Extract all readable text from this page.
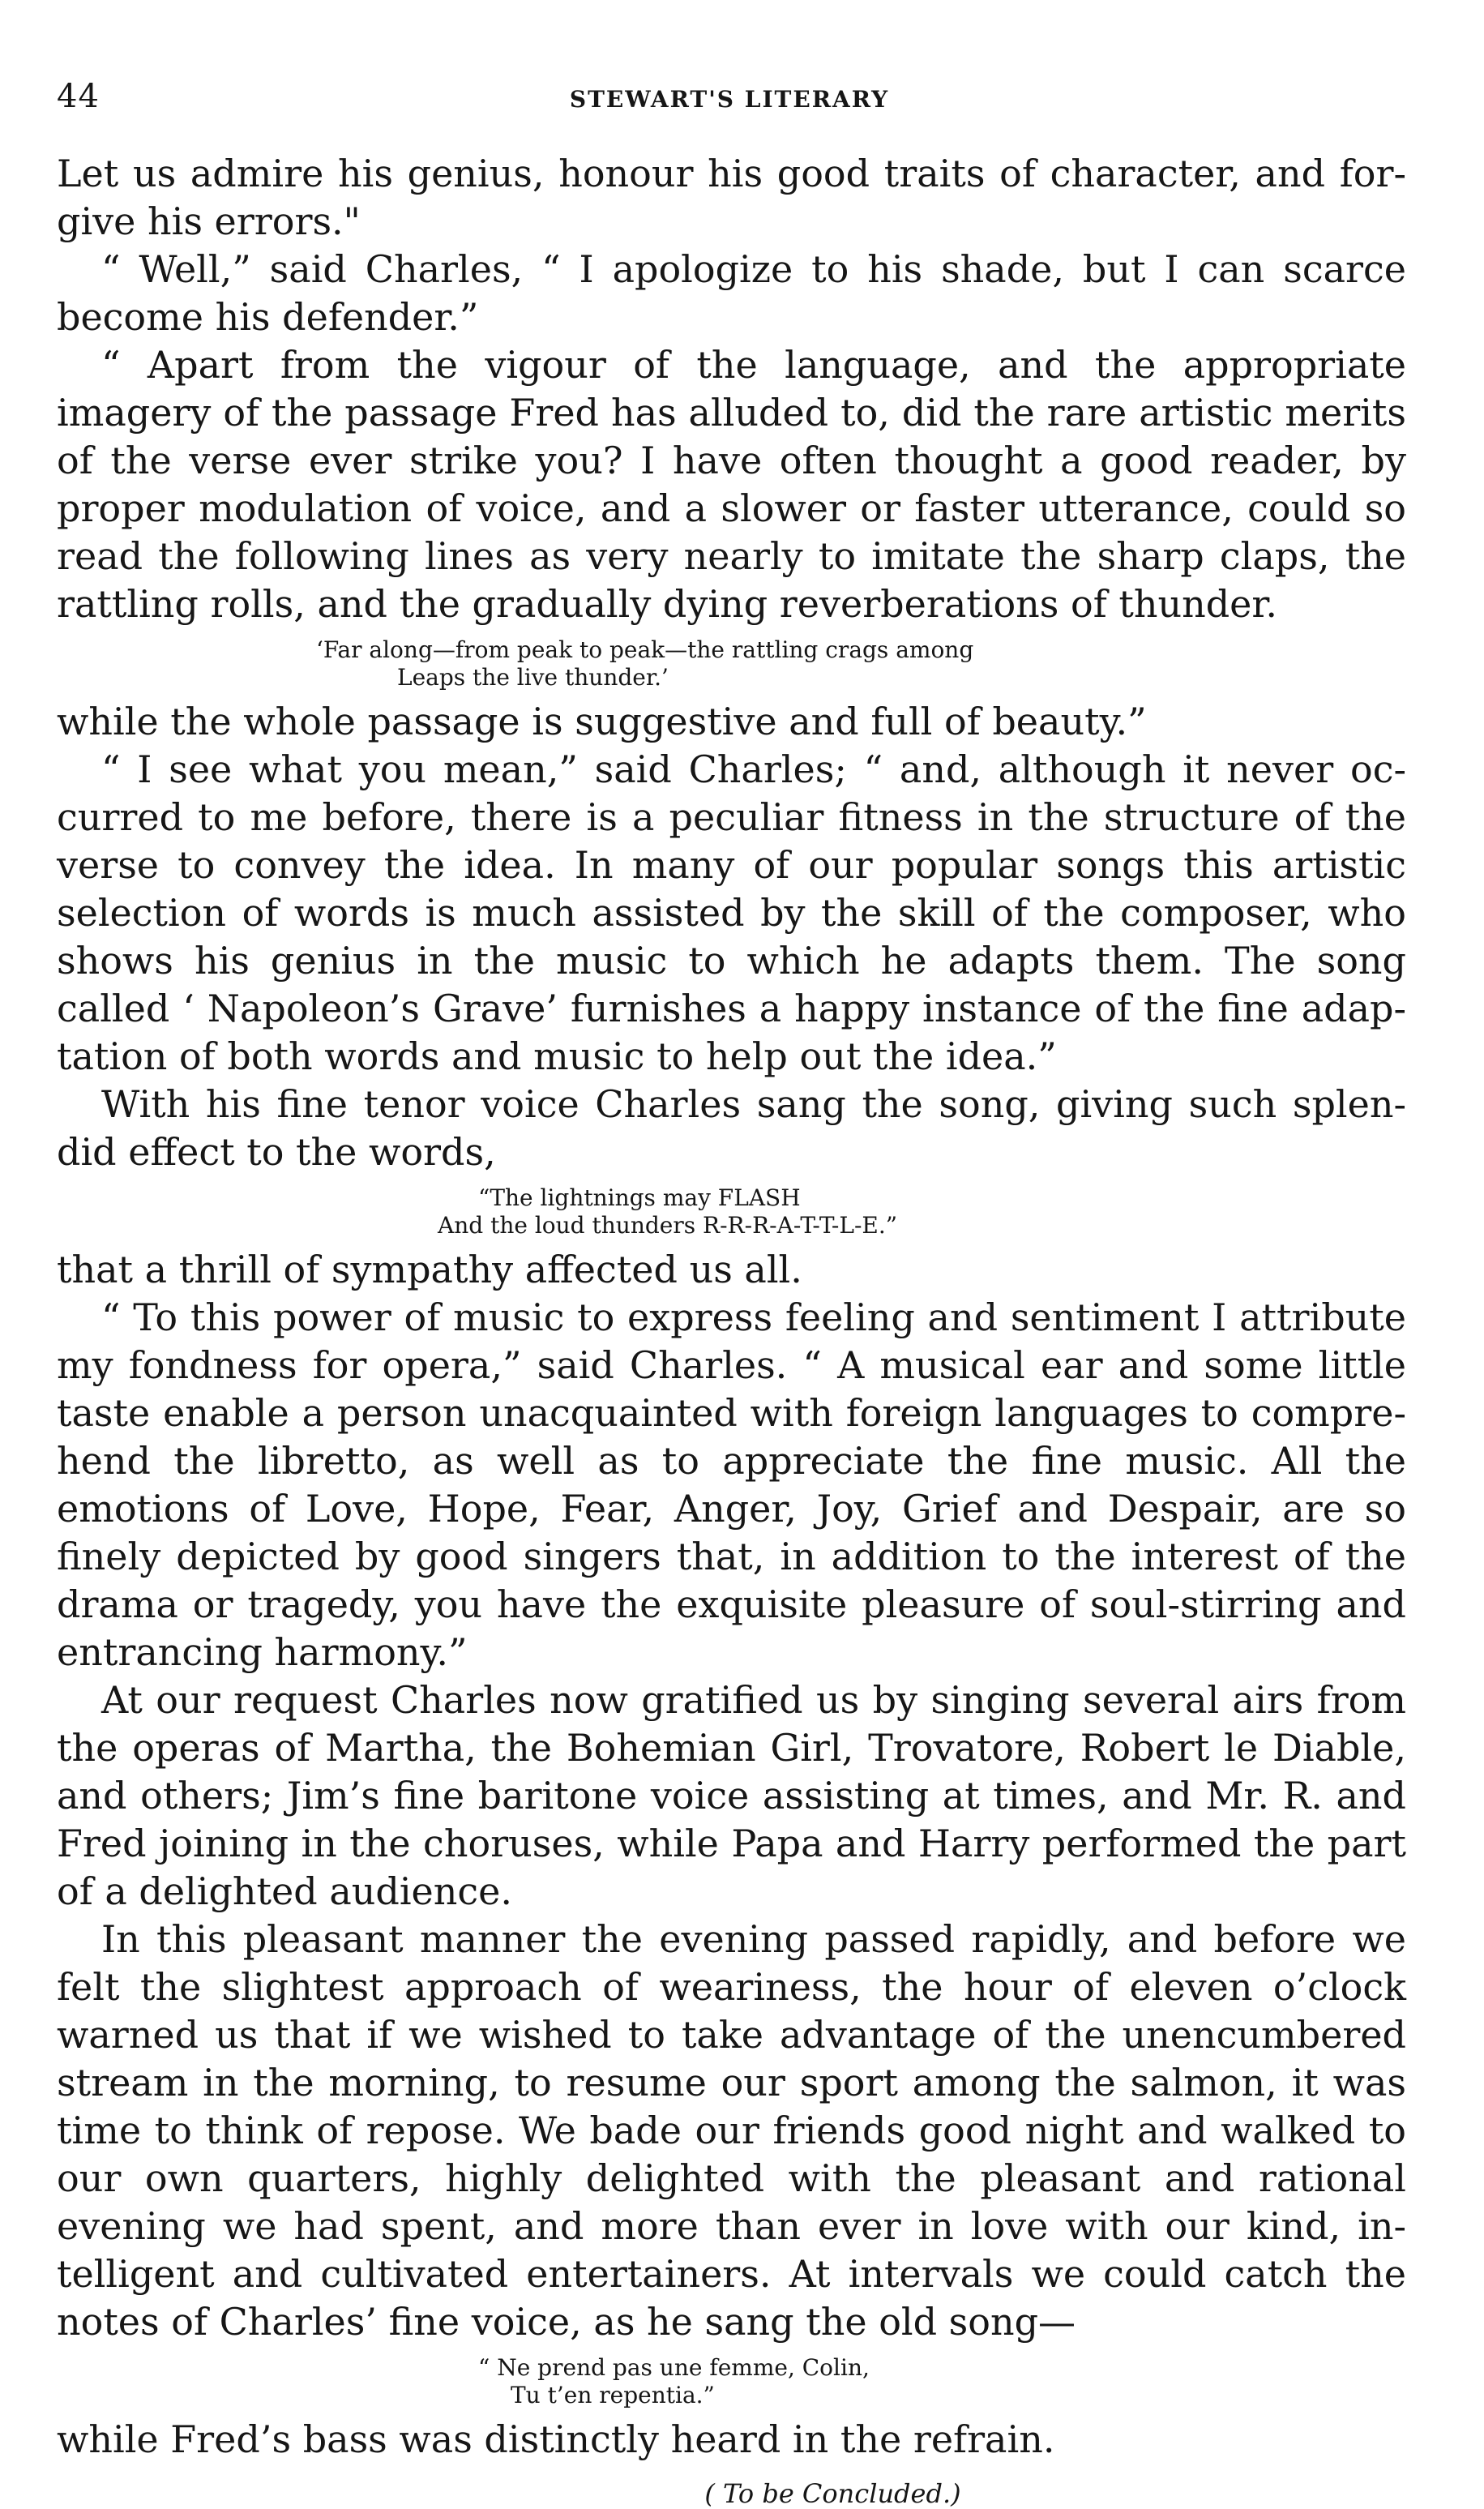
44	STEWART'S LITERARY

Let us admire his genius, honour his good traits of character, and for-give his errors."

“ Well,” said Charles, “ I apologize to his shade, but I can scarce become his defender.”

“ Apart from the vigour of the language, and the appropriate imagery of the passage Fred has alluded to, did the rare artistic merits of the verse ever strike you? I have often thought a good reader, by proper modulation of voice, and a slower or faster utterance, could so read the following lines as very nearly to imitate the sharp claps, the rattling rolls, and the gradually dying reverberations of thunder.

‘Far along—from peak to peak—the rattling crags among
Leaps the live thunder.’

while the whole passage is suggestive and full of beauty.”

“ I see what you mean,” said Charles; “ and, although it never oc-curred to me before, there is a peculiar fitness in the structure of the verse to convey the idea. In many of our popular songs this artistic selection of words is much assisted by the skill of the composer, who shows his genius in the music to which he adapts them. The song called ‘ Napoleon’s Grave’ furnishes a happy instance of the fine adap-tation of both words and music to help out the idea.”

With his fine tenor voice Charles sang the song, giving such splen-did effect to the words,

“The lightnings may FLASH
And the loud thunders R-R-R-A-T-T-L-E.”

that a thrill of sympathy affected us all.

“ To this power of music to express feeling and sentiment I attribute my fondness for opera,” said Charles. “ A musical ear and some little taste enable a person unacquainted with foreign languages to compre-hend the libretto, as well as to appreciate the fine music. All the emotions of Love, Hope, Fear, Anger, Joy, Grief and Despair, are so finely depicted by good singers that, in addition to the interest of the drama or tragedy, you have the exquisite pleasure of soul-stirring and entrancing harmony.”

At our request Charles now gratified us by singing several airs from the operas of Martha, the Bohemian Girl, Trovatore, Robert le Diable, and others; Jim’s fine baritone voice assisting at times, and Mr. R. and Fred joining in the choruses, while Papa and Harry performed the part of a delighted audience.

In this pleasant manner the evening passed rapidly, and before we felt the slightest approach of weariness, the hour of eleven o’clock warned us that if we wished to take advantage of the unencumbered stream in the morning, to resume our sport among the salmon, it was time to think of repose. We bade our friends good night and walked to our own quarters, highly delighted with the pleasant and rational evening we had spent, and more than ever in love with our kind, in-telligent and cultivated entertainers. At intervals we could catch the notes of Charles’ fine voice, as he sang the old song—

“ Ne prend pas une femme, Colin,
Tu t’en repentia.”

while Fred’s bass was distinctly heard in the refrain.

( To be Concluded.)
